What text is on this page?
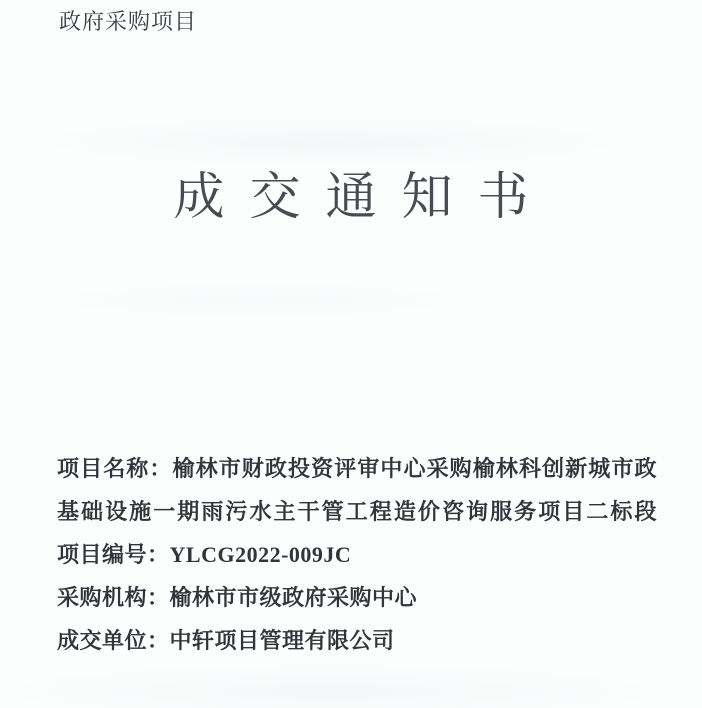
政府采购项目
成交通知书

项目名称：榆林市财政投资评审中心采购榆林科创新城市政基础设施一期雨污水主干管工程造价咨询服务项目二标段

项目编号：YLCG2022-009JC

采购机构：榆林市市级政府采购中心

成交单位：中轩项目管理有限公司
